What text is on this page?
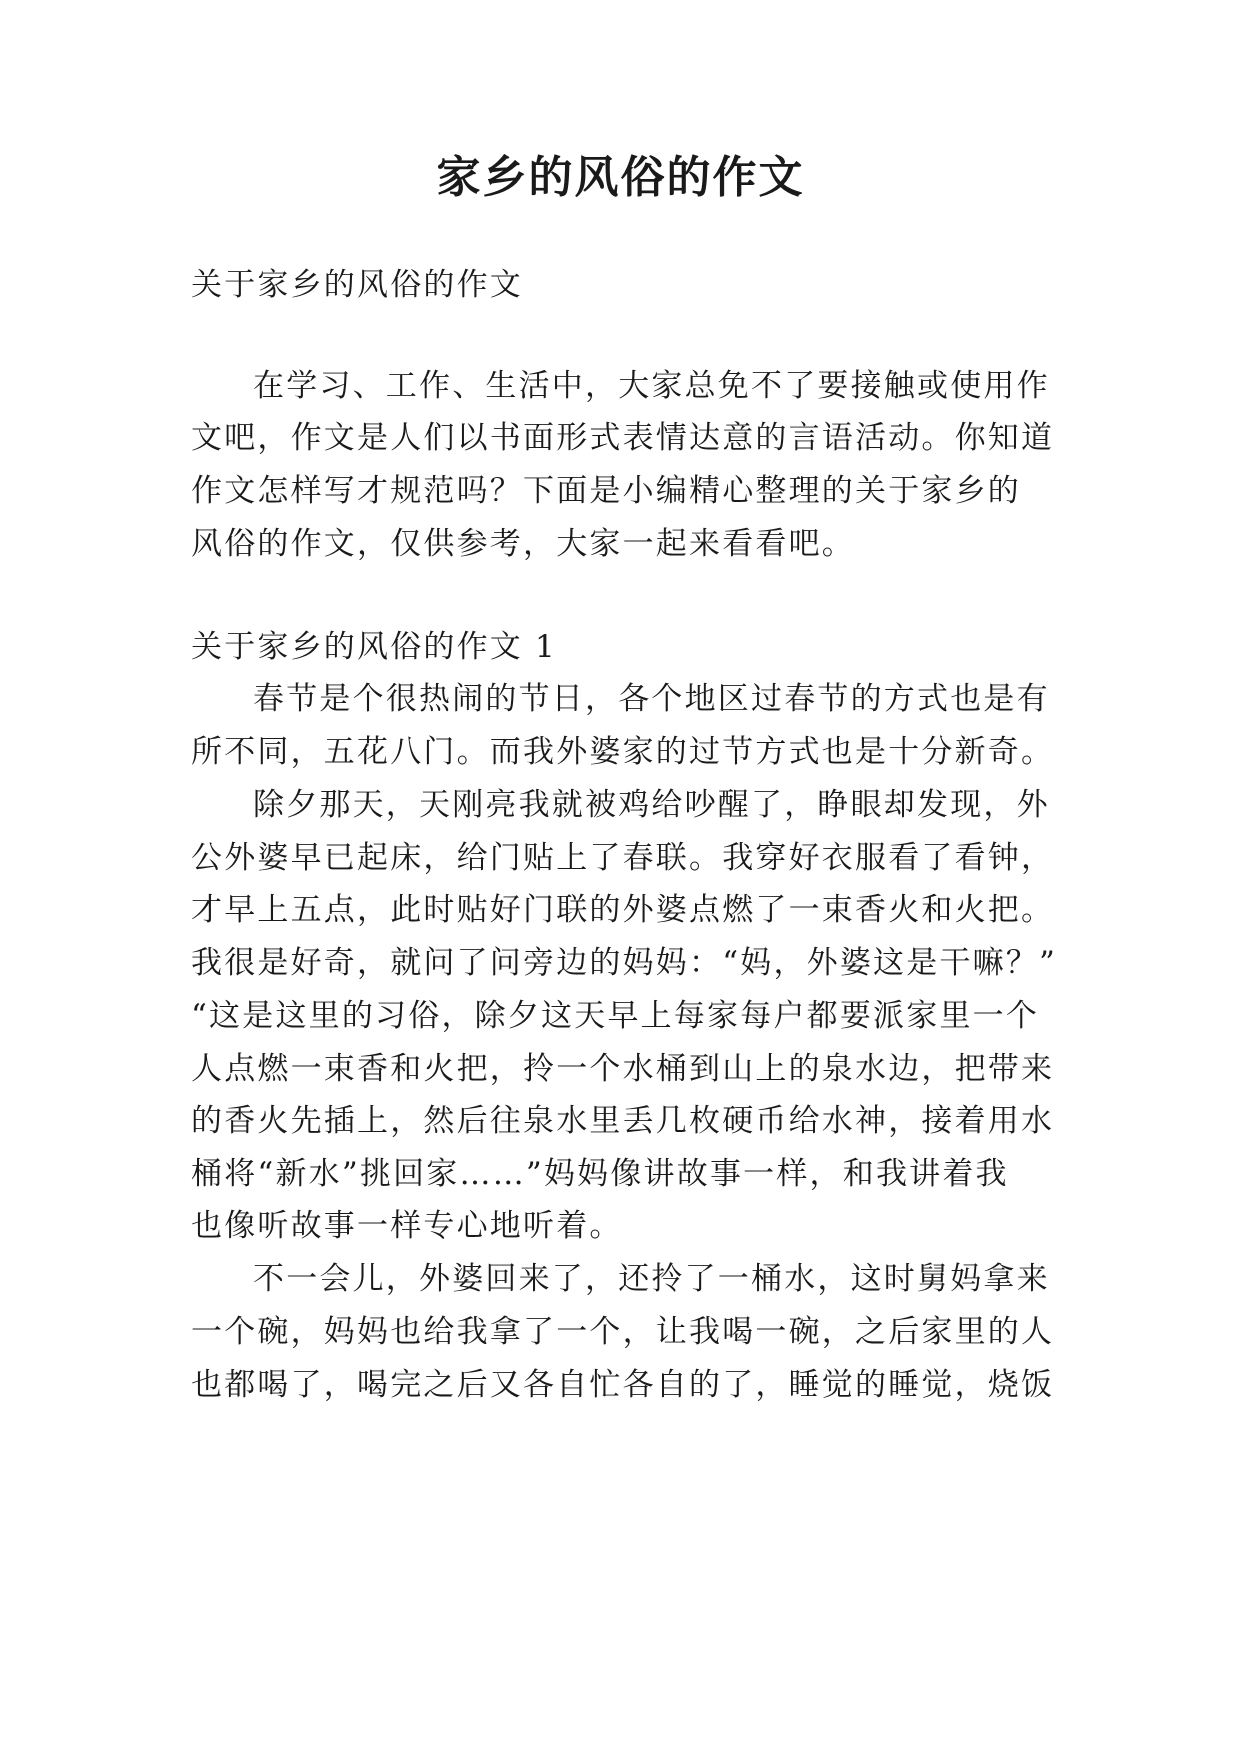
家乡的风俗的作文
关于家乡的风俗的作文
在学习、工作、生活中，大家总免不了要接触或使用作
文吧，作文是人们以书面形式表情达意的言语活动。你知道
作文怎样写才规范吗？下面是小编精心整理的关于家乡的
风俗的作文，仅供参考，大家一起来看看吧。
关于家乡的风俗的作文 1
春节是个很热闹的节日，各个地区过春节的方式也是有
所不同，五花八门。而我外婆家的过节方式也是十分新奇。
除夕那天，天刚亮我就被鸡给吵醒了，睁眼却发现，外
公外婆早已起床，给门贴上了春联。我穿好衣服看了看钟，
才早上五点，此时贴好门联的外婆点燃了一束香火和火把。
我很是好奇，就问了问旁边的妈妈：“妈，外婆这是干嘛？”
“这是这里的习俗，除夕这天早上每家每户都要派家里一个
人点燃一束香和火把，拎一个水桶到山上的泉水边，把带来
的香火先插上，然后往泉水里丢几枚硬币给水神，接着用水
桶将“新水”挑回家……”妈妈像讲故事一样，和我讲着我
也像听故事一样专心地听着。
不一会儿，外婆回来了，还拎了一桶水，这时舅妈拿来
一个碗，妈妈也给我拿了一个，让我喝一碗，之后家里的人
也都喝了，喝完之后又各自忙各自的了，睡觉的睡觉，烧饭
